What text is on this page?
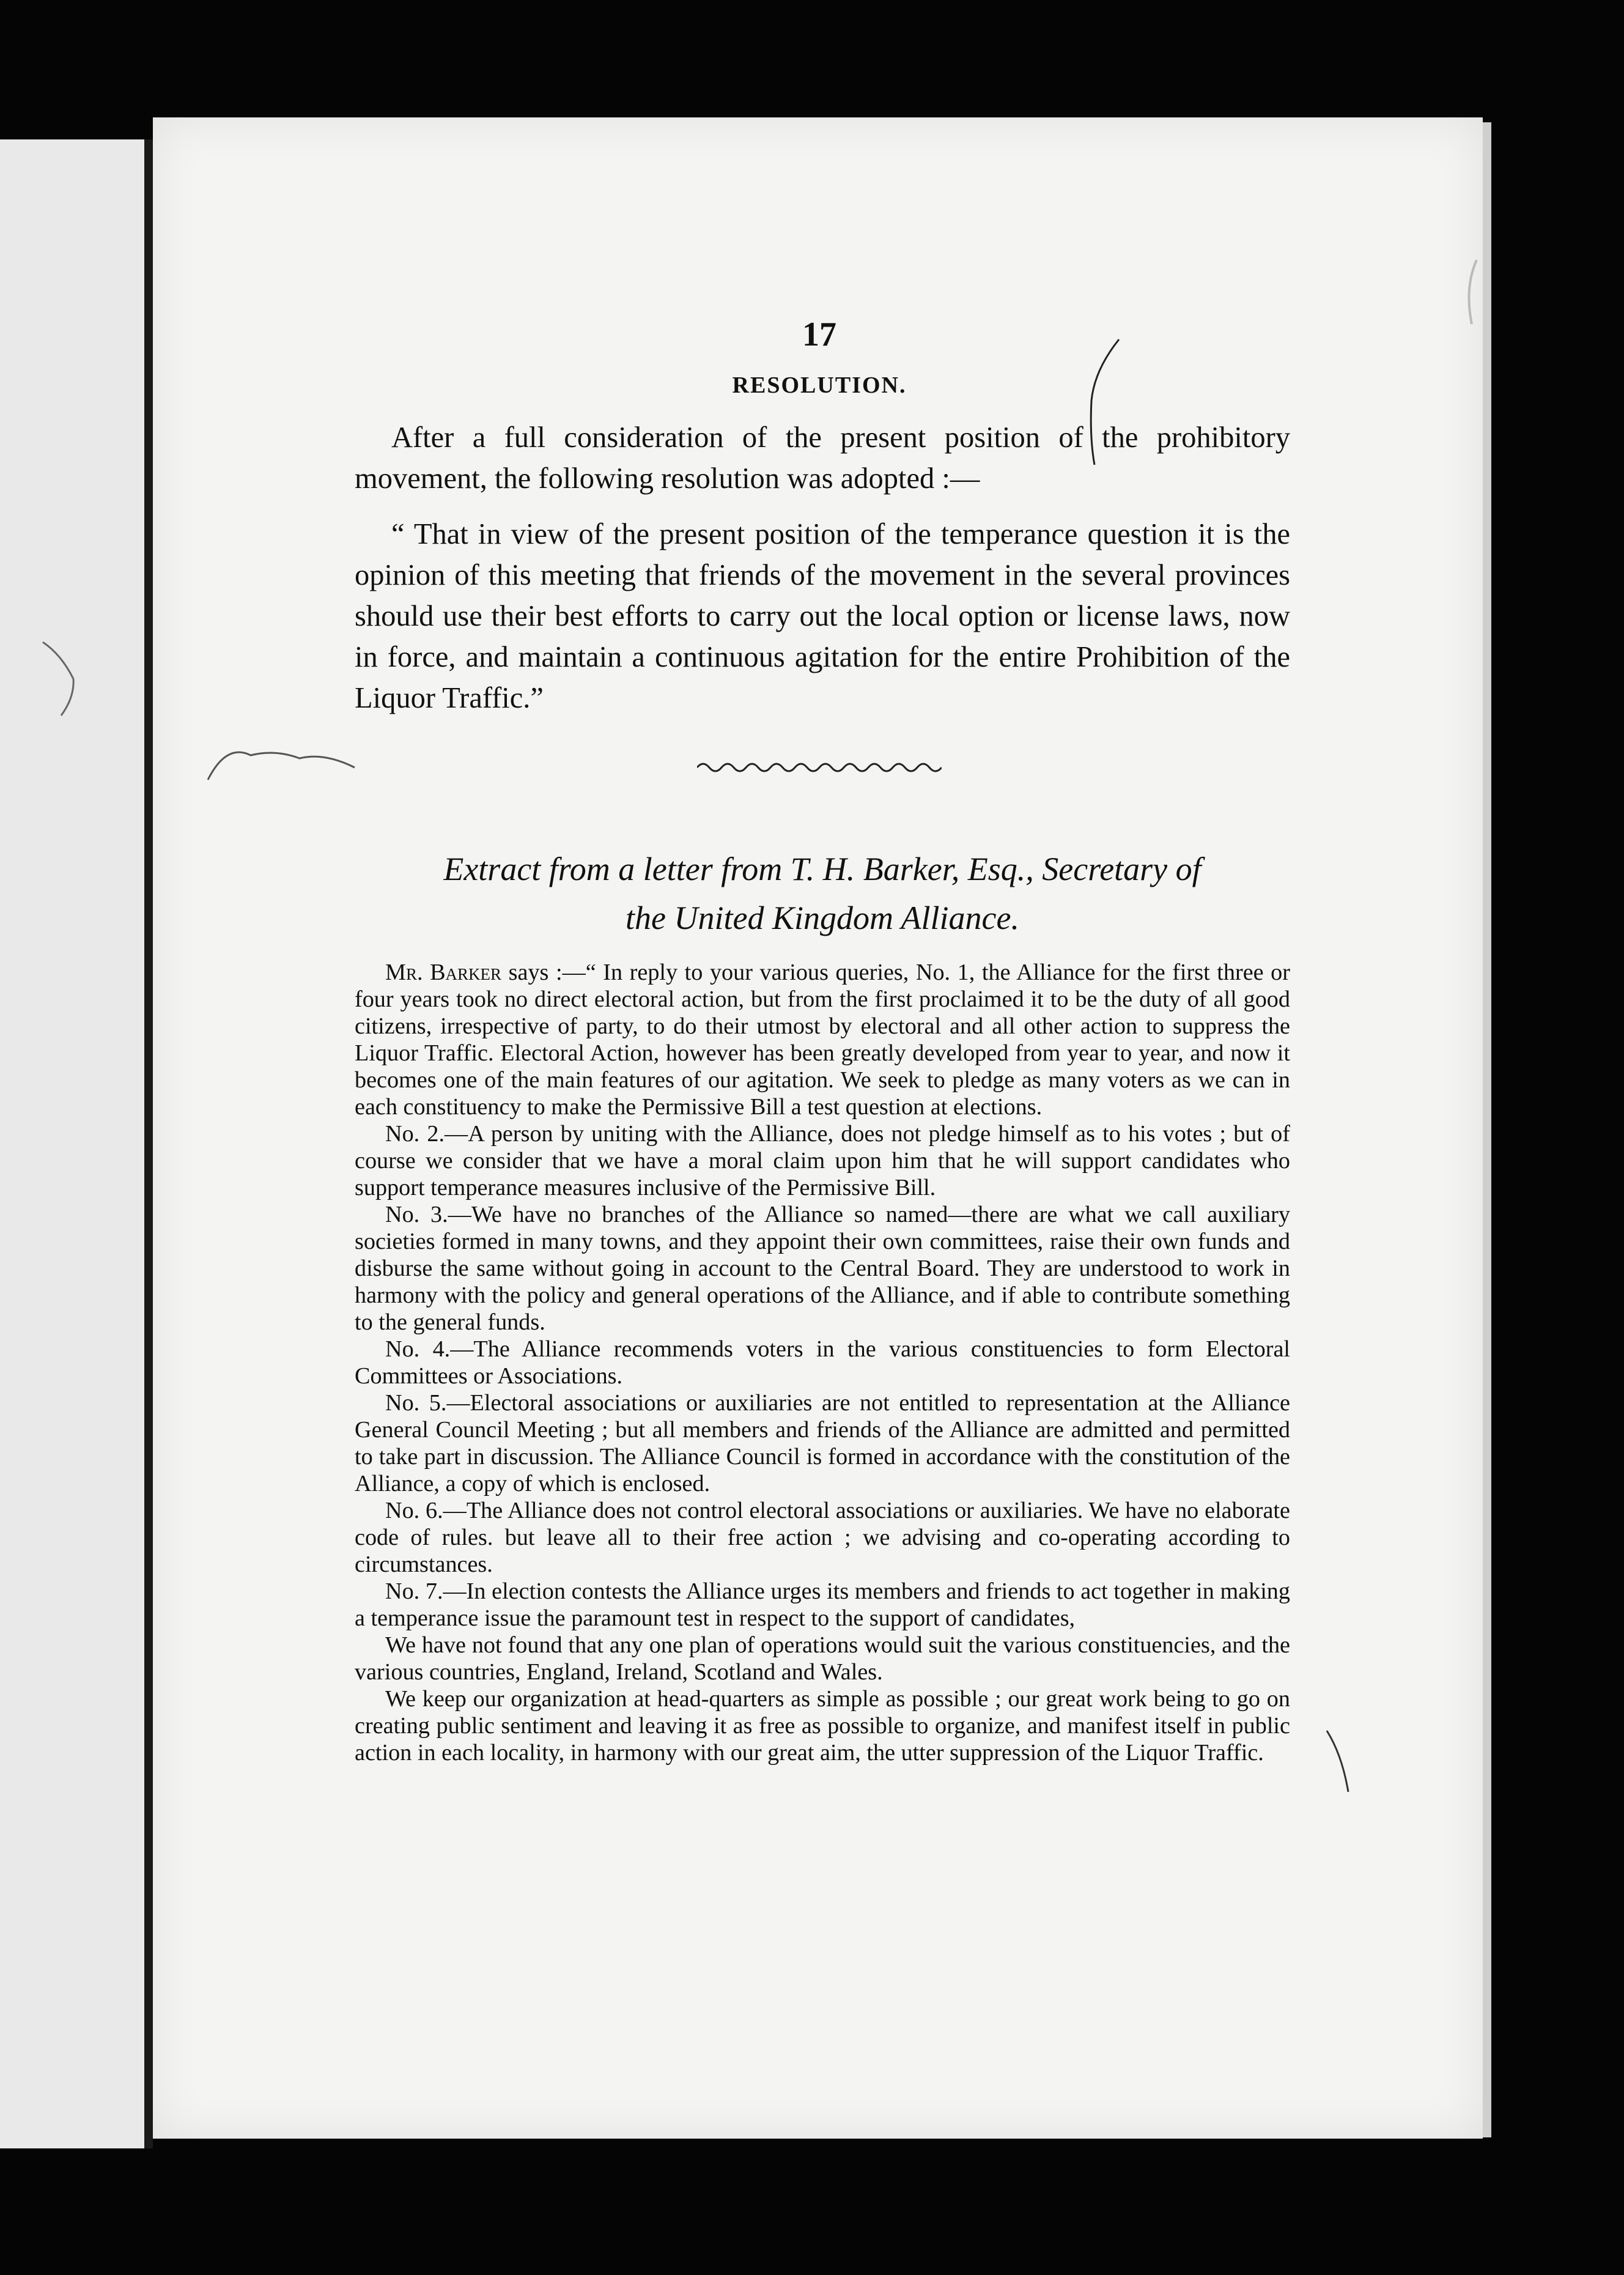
17
RESOLUTION.

After a full consideration of the present position of the prohibitory movement, the following resolution was adopted :—

“ That in view of the present position of the temperance question it is the opinion of this meeting that friends of the movement in the several provinces should use their best efforts to carry out the local option or license laws, now in force, and maintain a continuous agitation for the entire Prohibition of the Liquor Traffic.”

Extract from a letter from T. H. Barker, Esq., Secretary of

the United Kingdom Alliance.

Mr. Barker says :—“ In reply to your various queries, No. 1, the Alliance for the first three or four years took no direct electoral action, but from the first proclaimed it to be the duty of all good citizens, irrespective of party, to do their utmost by electoral and all other action to suppress the Liquor Traffic. Electoral Action, however has been greatly developed from year to year, and now it becomes one of the main features of our agitation. We seek to pledge as many voters as we can in each constituency to make the Permissive Bill a test question at elections.

No. 2.—A person by uniting with the Alliance, does not pledge himself as to his votes ; but of course we consider that we have a moral claim upon him that he will support candidates who support temperance measures inclusive of the Permissive Bill.

No. 3.—We have no branches of the Alliance so named—there are what we call auxiliary societies formed in many towns, and they appoint their own committees, raise their own funds and disburse the same without going in account to the Central Board. They are understood to work in harmony with the policy and general operations of the Alliance, and if able to contribute something to the general funds.

No. 4.—The Alliance recommends voters in the various constituencies to form Electoral Committees or Associations.

No. 5.—Electoral associations or auxiliaries are not entitled to representation at the Alliance General Council Meeting ; but all members and friends of the Alliance are admitted and permitted to take part in discussion. The Alliance Council is formed in accordance with the constitution of the Alliance, a copy of which is enclosed.

No. 6.—The Alliance does not control electoral associations or auxiliaries. We have no elaborate code of rules. but leave all to their free action ; we advising and co-operating according to circumstances.

No. 7.—In election contests the Alliance urges its members and friends to act together in making a temperance issue the paramount test in respect to the support of candidates,

We have not found that any one plan of operations would suit the various constituencies, and the various countries, England, Ireland, Scotland and Wales.

We keep our organization at head-quarters as simple as possible ; our great work being to go on creating public sentiment and leaving it as free as possible to organize, and manifest itself in public action in each locality, in harmony with our great aim, the utter suppression of the Liquor Traffic.
